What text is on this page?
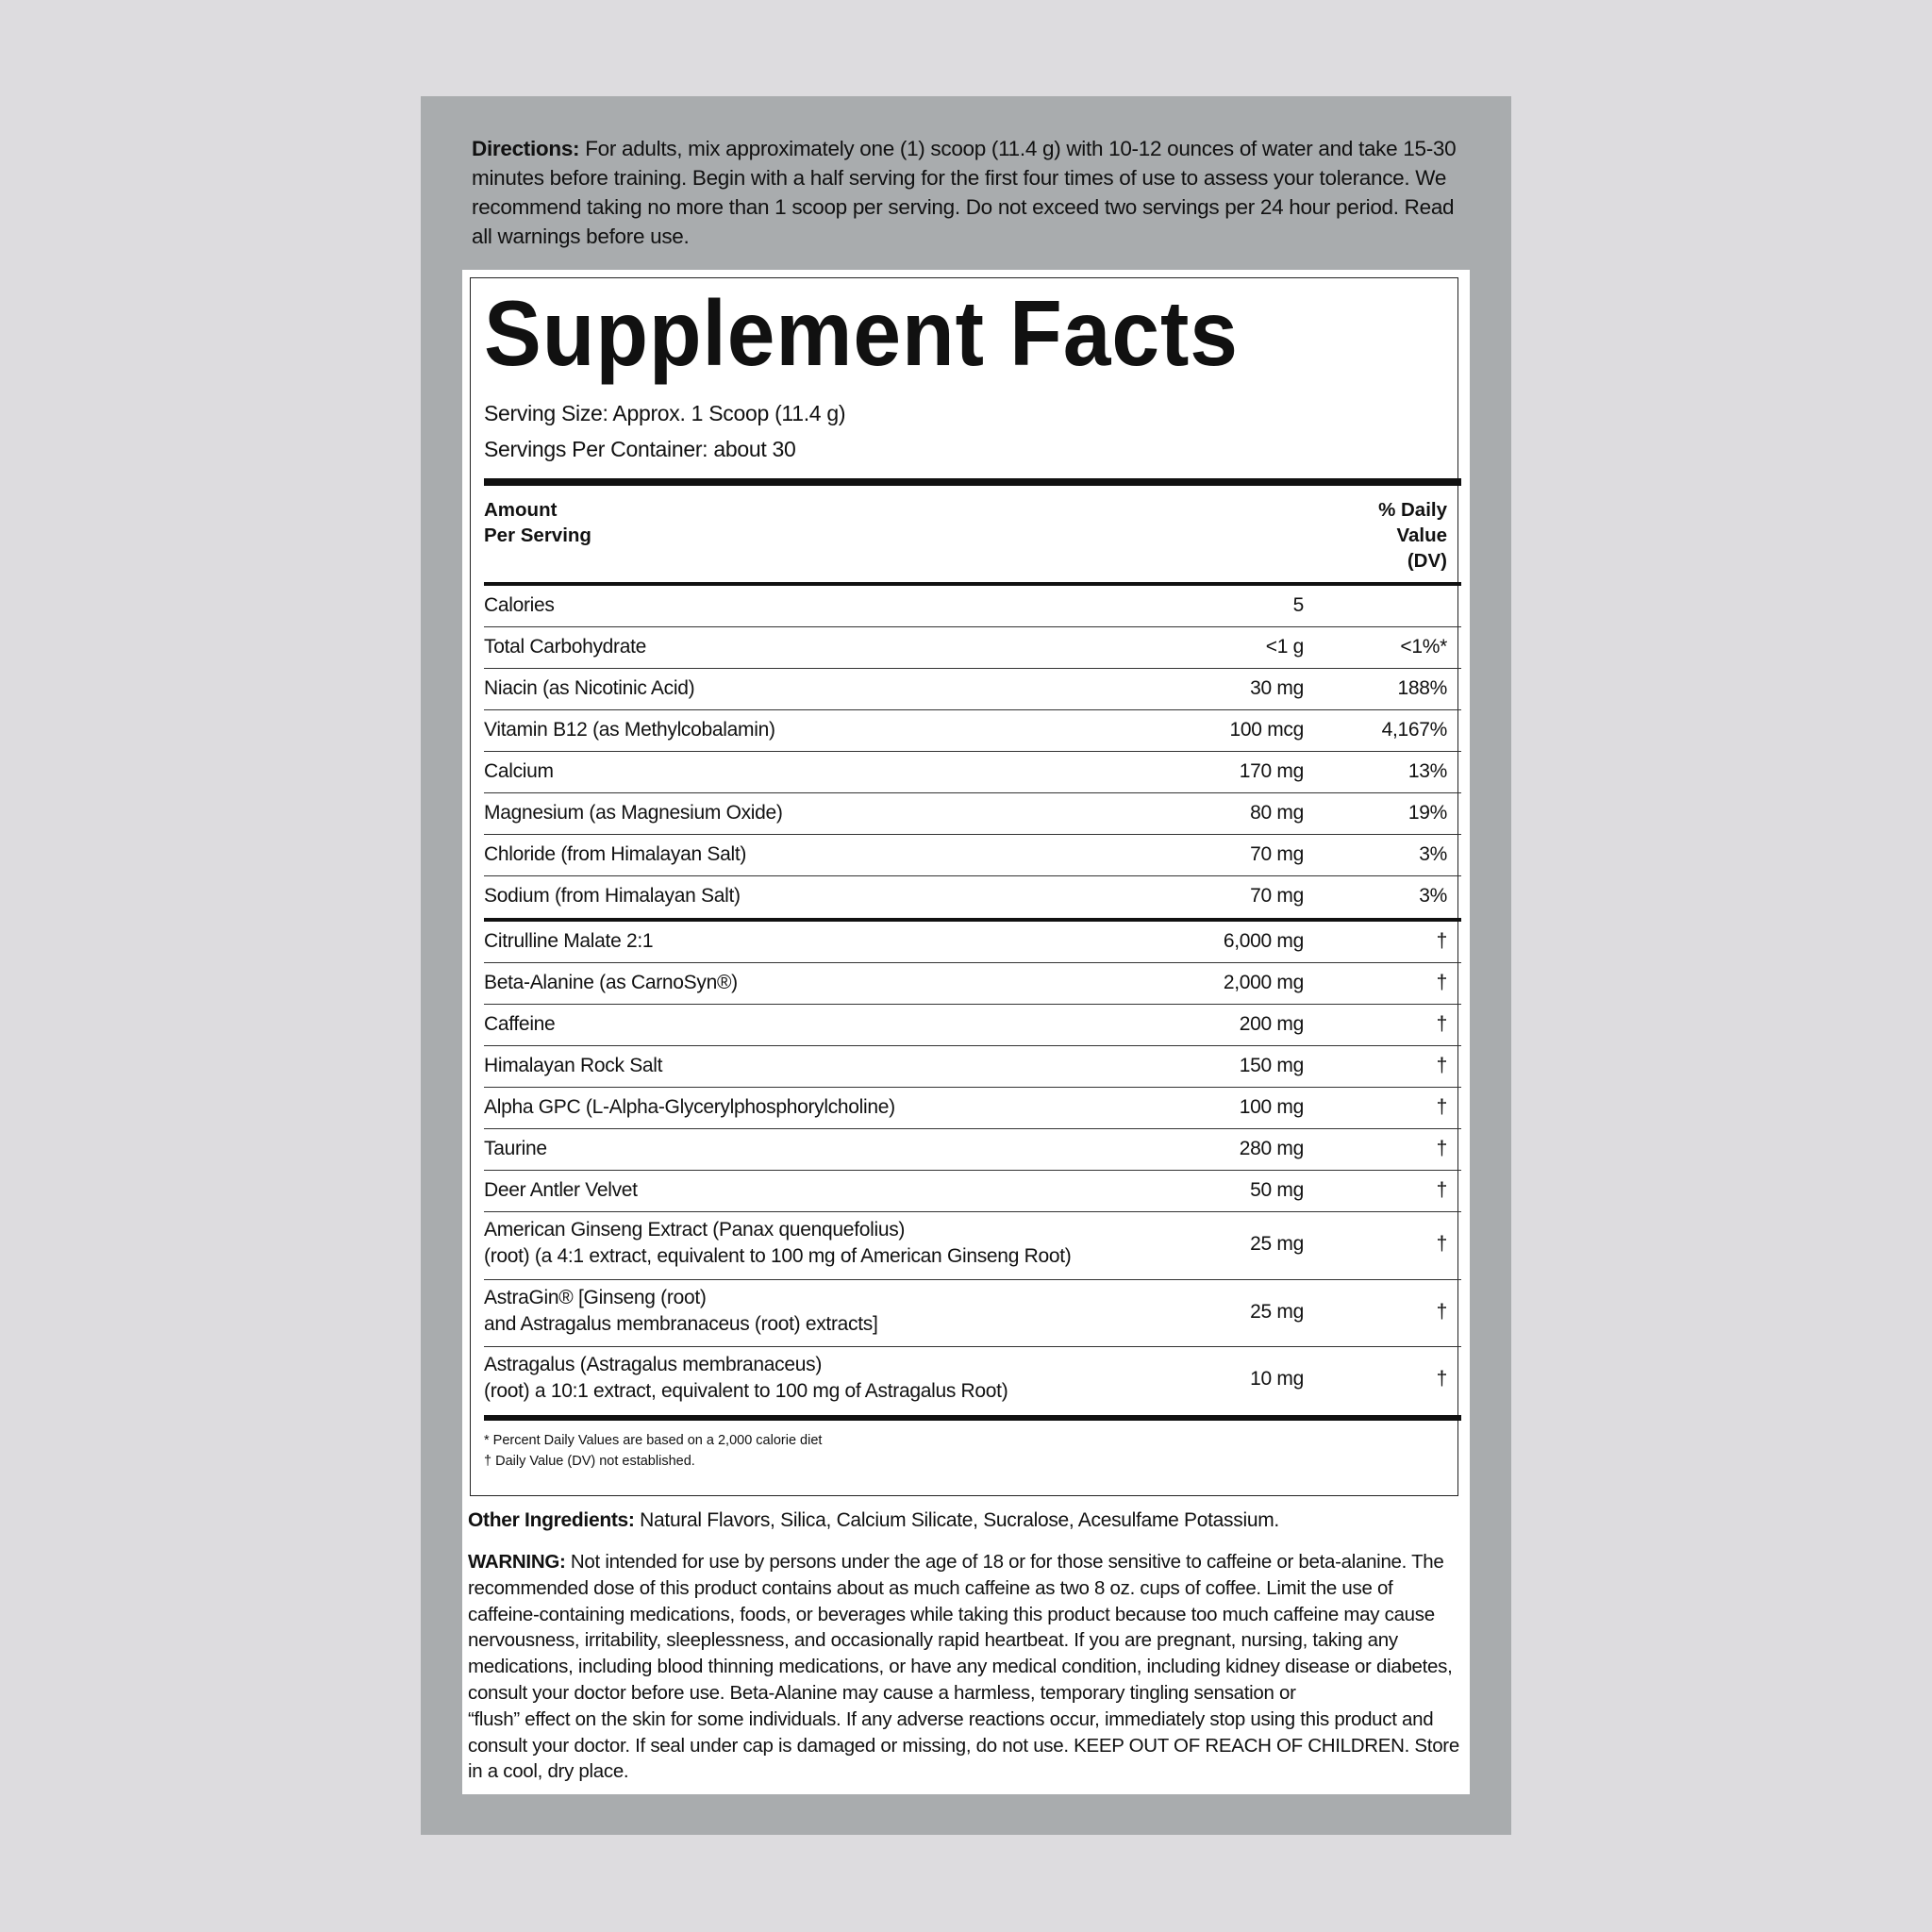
Directions: For adults, mix approximately one (1) scoop (11.4 g) with 10-12 ounces of water and take 15-30 minutes before training. Begin with a half serving for the first four times of use to assess your tolerance. We recommend taking no more than 1 scoop per serving. Do not exceed two servings per 24 hour period. Read all warnings before use.
Supplement Facts
Serving Size: Approx. 1 Scoop (11.4 g)
Servings Per Container: about 30
Amount
Per Serving
% Daily
Value
(DV)
Calories	5
Total Carbohydrate	<1 g	<1%*
Niacin (as Nicotinic Acid)	30 mg	188%
Vitamin B12 (as Methylcobalamin)	100 mcg	4,167%
Calcium	170 mg	13%
Magnesium (as Magnesium Oxide)	80 mg	19%
Chloride (from Himalayan Salt)	70 mg	3%
Sodium (from Himalayan Salt)	70 mg	3%
Citrulline Malate 2:1	6,000 mg	†
Beta-Alanine (as CarnoSyn®)	2,000 mg	†
Caffeine	200 mg	†
Himalayan Rock Salt	150 mg	†
Alpha GPC (L-Alpha-Glycerylphosphorylcholine)	100 mg	†
Taurine	280 mg	†
Deer Antler Velvet	50 mg	†
American Ginseng Extract (Panax quenquefolius)
(root) (a 4:1 extract, equivalent to 100 mg of American Ginseng Root)
25 mg	†
AstraGin® [Ginseng (root)
and Astragalus membranaceus (root) extracts]
25 mg	†
Astragalus (Astragalus membranaceus)
(root) a 10:1 extract, equivalent to 100 mg of Astragalus Root)
10 mg	†
* Percent Daily Values are based on a 2,000 calorie diet
† Daily Value (DV) not established.
Other Ingredients: Natural Flavors, Silica, Calcium Silicate, Sucralose, Acesulfame Potassium.
WARNING: Not intended for use by persons under the age of 18 or for those sensitive to caffeine or beta-alanine. The recommended dose of this product contains about as much caffeine as two 8 oz. cups of coffee. Limit the use of caffeine-containing medications, foods, or beverages while taking this product because too much caffeine may cause nervousness, irritability, sleeplessness, and occasionally rapid heartbeat. If you are pregnant, nursing, taking any medications, including blood thinning medications, or have any medical condition, including kidney disease or diabetes, consult your doctor before use. Beta-Alanine may cause a harmless, temporary tingling sensation or
“flush” effect on the skin for some individuals. If any adverse reactions occur, immediately stop using this product and consult your doctor. If seal under cap is damaged or missing, do not use. KEEP OUT OF REACH OF CHILDREN. Store in a cool, dry place.
